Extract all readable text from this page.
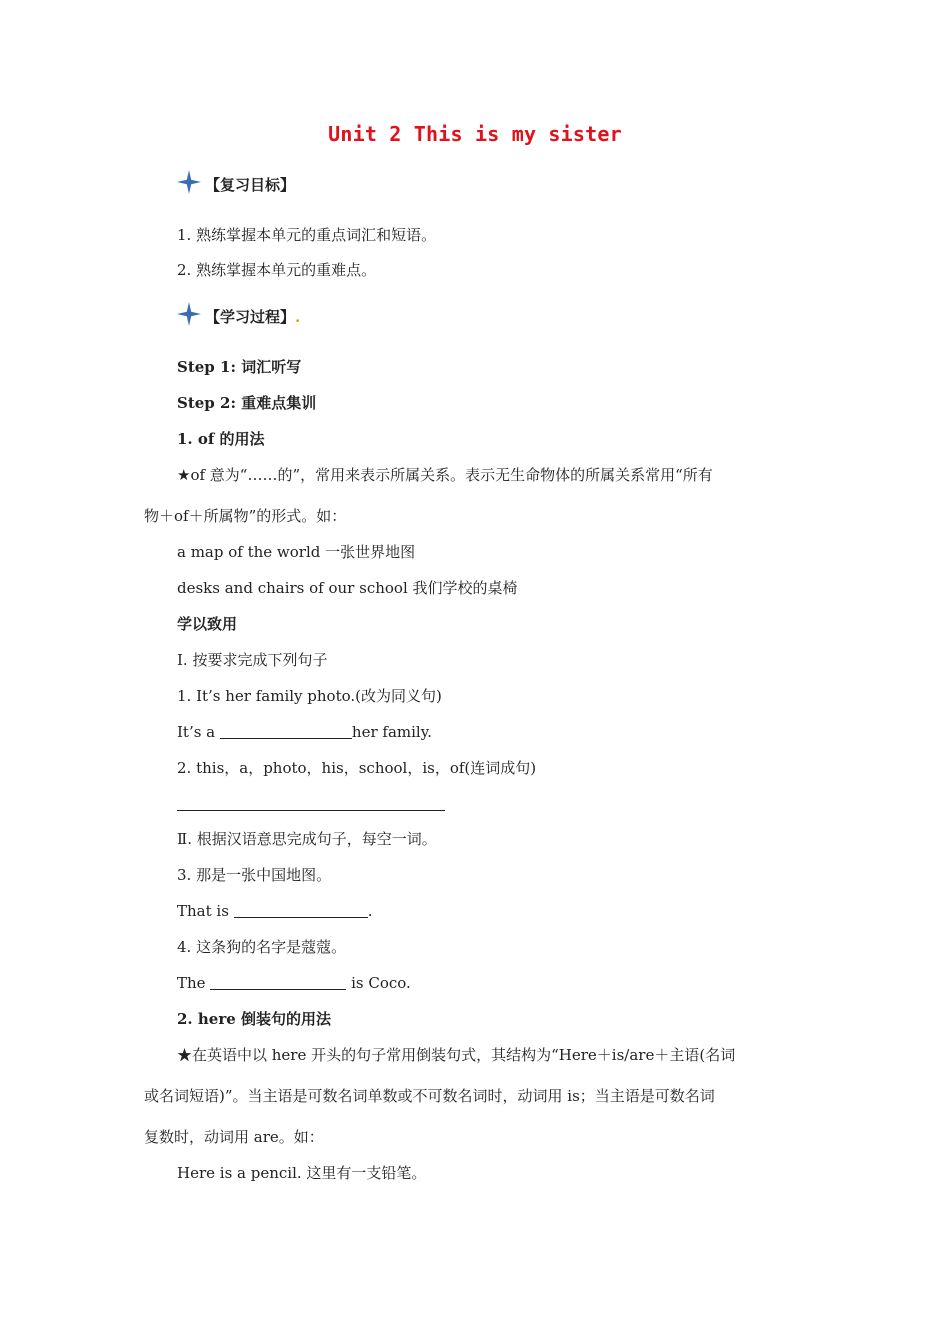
Unit 2 This is my sister
【复习目标】
1. 熟练掌握本单元的重点词汇和短语。
2. 熟练掌握本单元的重难点。
【学习过程】.
Step 1: 词汇听写
Step 2: 重难点集训
1. of 的用法
★of 意为“……的”，常用来表示所属关系。表示无生命物体的所属关系常用“所有
物＋of＋所属物”的形式。如：
a map of the world 一张世界地图
desks and chairs of our school 我们学校的桌椅
学以致用
Ⅰ. 按要求完成下列句子
1. It’s her family photo.(改为同义句)
It’s a	her family.
2. this，a，photo，his，school，is，of(连词成句)
Ⅱ. 根据汉语意思完成句子，每空一词。
3. 那是一张中国地图。
That is	.
4. 这条狗的名字是蔻蔻。
The	is Coco.
2. here 倒装句的用法
★在英语中以 here 开头的句子常用倒装句式，其结构为“Here＋is/are＋主语(名词
或名词短语)”。当主语是可数名词单数或不可数名词时，动词用 is；当主语是可数名词
复数时，动词用 are。如：
Here is a pencil. 这里有一支铅笔。
